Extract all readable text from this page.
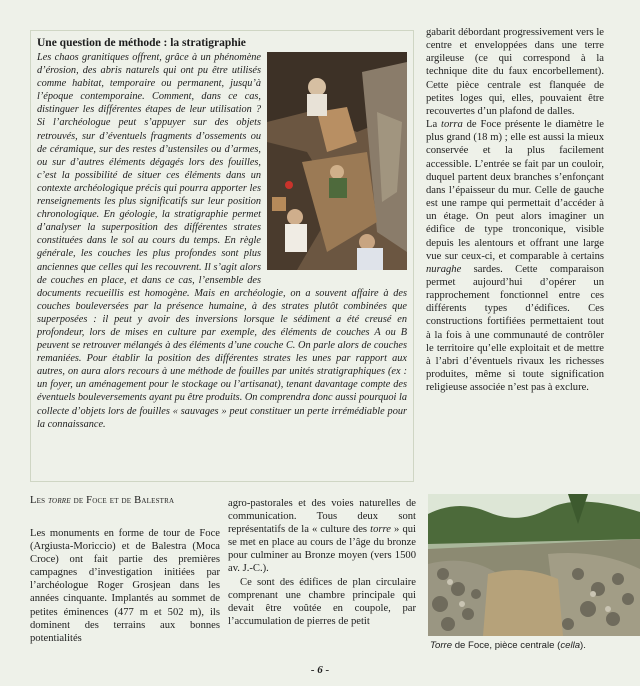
Une question de méthode : la stratigraphie

Les chaos granitiques offrent, grâce à un phénomène d’érosion, des abris naturels qui ont pu être utilisés comme habitat, temporaire ou permanent, jusqu’à l’époque contemporaine. Comment, dans ce cas, distinguer les différentes étapes de leur utilisation ? Si l’archéologue peut s’appuyer sur des objets retrouvés, sur d’éventuels fragments d’ossements ou de céramique, sur des restes d’ustensiles ou d’armes, ou sur d’autres éléments dégagés lors des fouilles, c’est la possibilité de situer ces éléments dans un contexte archéologique précis qui pourra apporter les renseignements les plus significatifs sur leur position chronologique. En géologie, la stratigraphie permet d’analyser la superposition des différentes strates constituées dans le sol au cours du temps. En règle générale, les couches les plus profondes sont plus anciennes que celles qui les recouvrent. Il s’agit alors de couches en place, et dans ce cas, l’ensemble des documents recueillis est homogène. Mais en archéologie, on a souvent affaire à des couches bouleversées par la présence humaine, à des strates plutôt combinées que superposées : il peut y avoir des inversions lorsque le sédiment a été creusé en profondeur, lors de mises en culture par exemple, des éléments de couches A ou B peuvent se retrouver mélangés à des éléments d’une couche C. On parle alors de couches remaniées. Pour établir la position des différentes strates les unes par rapport aux autres, on aura alors recours à une méthode de fouilles par unités stratigraphiques (ex : un foyer, un aménagement pour le stockage ou l’artisanat), tenant davantage compte des éventuels bouleversements ayant pu être produits. On comprendra donc aussi pourquoi la collecte d’objets lors de fouilles « sauvages » peut constituer un perte irrémédiable pour la connaissance.

gabarit débordant progressivement vers le centre et enveloppées dans une terre argileuse (ce qui correspond à la technique dite du faux encorbellement). Cette pièce centrale est flanquée de petites loges qui, elles, pouvaient être recouvertes d’un plafond de dalles.

La torra de Foce présente le diamètre le plus grand (18 m) ; elle est aussi la mieux conservée et la plus facilement accessible. L’entrée se fait par un couloir, duquel partent deux branches s’enfonçant dans l’épaisseur du mur. Celle de gauche est une rampe qui permettait d’accéder à un étage. On peut alors imaginer un édifice de type tronconique, visible depuis les alentours et offrant une large vue sur ceux-ci, et comparable à certains nuraghe sardes. Cette comparaison permet aujourd’hui d’opérer un rapprochement fonctionnel entre ces différents types d’édifices. Ces constructions fortifiées permettaient tout à la fois à une communauté de contrôler le territoire qu’elle exploitait et de mettre à l’abri d’éventuels rivaux les richesses produites, même si toute signification religieuse associée n’est pas à exclure.

Les torre de Foce et de Balestra

Les monuments en forme de tour de Foce (Argiusta-Moriccio) et de Balestra (Moca Croce) ont fait partie des premières campagnes d’investigation initiées par l’archéologue Roger Grosjean dans les années cinquante. Implantés au sommet de petites éminences (477 m et 502 m), ils dominent des terrains aux bonnes potentialités

agro-pastorales et des voies naturelles de communication. Tous deux sont représentatifs de la « culture des torre » qui se met en place au cours de l’âge du bronze pour culminer au Bronze moyen (vers 1500 av. J.-C.).

Ce sont des édifices de plan circulaire comprenant une chambre principale qui devait être voûtée en coupole, par l’accumulation de pierres de petit

Torre de Foce, pièce centrale (cella).
- 6 -
